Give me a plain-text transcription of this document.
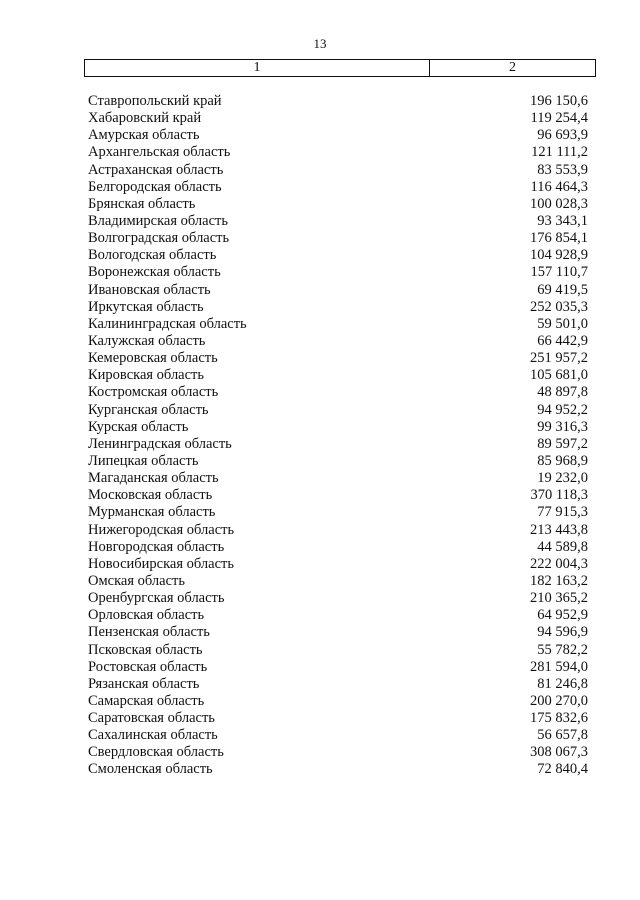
13
1	2
Ставропольский край	196 150,6
Хабаровский край	119 254,4
Амурская область	96 693,9
Архангельская область	121 111,2
Астраханская область	83 553,9
Белгородская область	116 464,3
Брянская область	100 028,3
Владимирская область	93 343,1
Волгоградская область	176 854,1
Вологодская область	104 928,9
Воронежская область	157 110,7
Ивановская область	69 419,5
Иркутская область	252 035,3
Калининградская область	59 501,0
Калужская область	66 442,9
Кемеровская область	251 957,2
Кировская область	105 681,0
Костромская область	48 897,8
Курганская область	94 952,2
Курская область	99 316,3
Ленинградская область	89 597,2
Липецкая область	85 968,9
Магаданская область	19 232,0
Московская область	370 118,3
Мурманская область	77 915,3
Нижегородская область	213 443,8
Новгородская область	44 589,8
Новосибирская область	222 004,3
Омская область	182 163,2
Оренбургская область	210 365,2
Орловская область	64 952,9
Пензенская область	94 596,9
Псковская область	55 782,2
Ростовская область	281 594,0
Рязанская область	81 246,8
Самарская область	200 270,0
Саратовская область	175 832,6
Сахалинская область	56 657,8
Свердловская область	308 067,3
Смоленская область	72 840,4
